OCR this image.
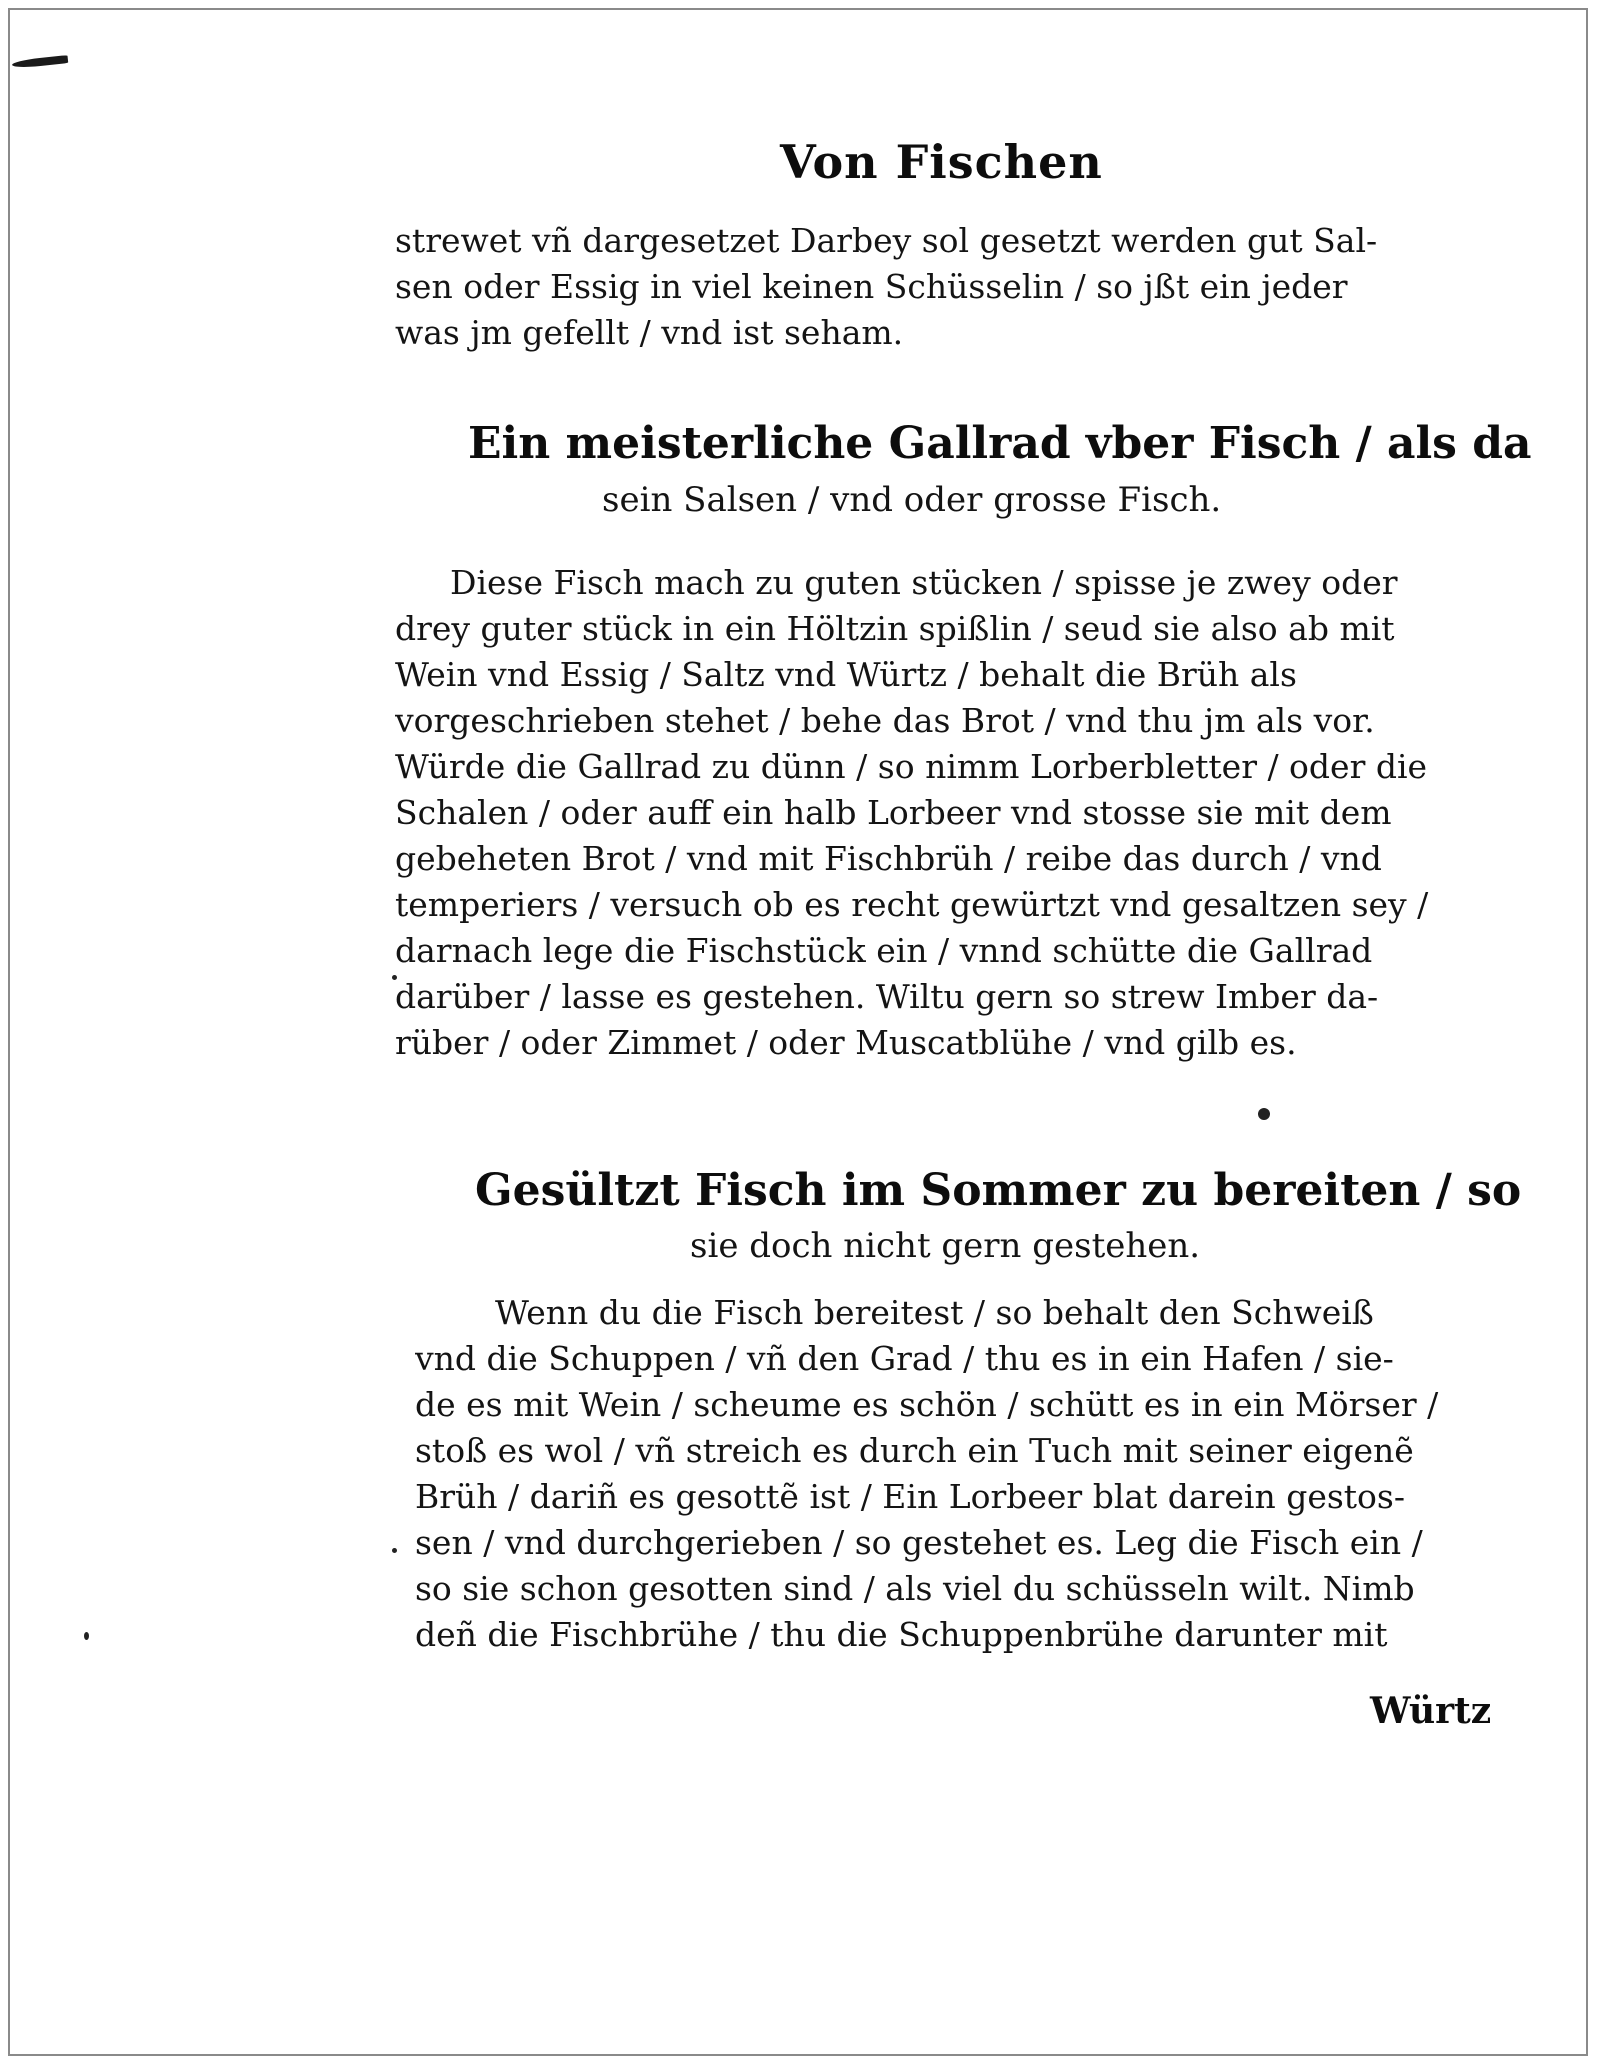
Von Fischen
strewet vñ dargesetzet Darbey sol gesetzt werden gut Sal-
sen oder Essig in viel keinen Schüsselin / so jßt ein jeder
was jm gefellt / vnd ist seham.
Ein meisterliche Gallrad vber Fisch / als da
sein Salsen / vnd oder grosse Fisch.
Diese Fisch mach zu guten stücken / spisse je zwey oder
drey guter stück in ein Höltzin spißlin / seud sie also ab mit
Wein vnd Essig / Saltz vnd Würtz / behalt die Brüh als
vorgeschrieben stehet / behe das Brot / vnd thu jm als vor.
Würde die Gallrad zu dünn / so nimm Lorberbletter / oder die
Schalen / oder auff ein halb Lorbeer vnd stosse sie mit dem
gebeheten Brot / vnd mit Fischbrüh / reibe das durch / vnd
temperiers / versuch ob es recht gewürtzt vnd gesaltzen sey /
darnach lege die Fischstück ein / vnnd schütte die Gallrad
darüber / lasse es gestehen. Wiltu gern so strew Imber da-
rüber / oder Zimmet / oder Muscatblühe / vnd gilb es.
Gesültzt Fisch im Sommer zu bereiten / so
sie doch nicht gern gestehen.
Wenn du die Fisch bereitest / so behalt den Schweiß
vnd die Schuppen / vñ den Grad / thu es in ein Hafen / sie-
de es mit Wein / scheume es schön / schütt es in ein Mörser /
stoß es wol / vñ streich es durch ein Tuch mit seiner eigenẽ
Brüh / dariñ es gesottẽ ist / Ein Lorbeer blat darein gestos-
sen / vnd durchgerieben / so gestehet es. Leg die Fisch ein /
so sie schon gesotten sind / als viel du schüsseln wilt. Nimb
deñ die Fischbrühe / thu die Schuppenbrühe darunter mit
Würtz
